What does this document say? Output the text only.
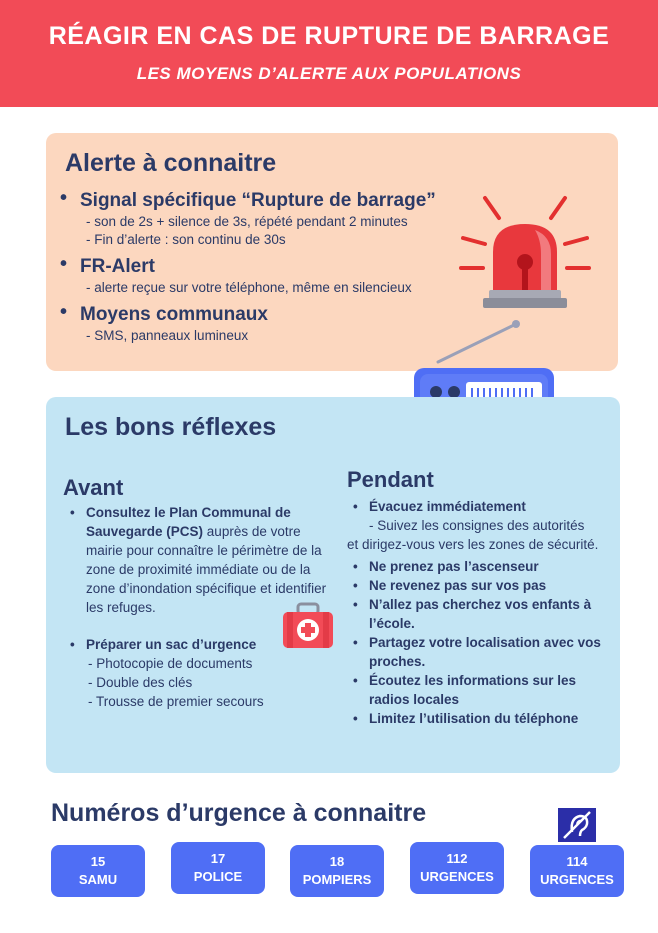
RÉAGIR EN CAS DE RUPTURE DE BARRAGE
LES MOYENS D’ALERTE AUX POPULATIONS
Alerte à connaitre
• Signal spécifique “Rupture de barrage”
- son de 2s + silence de 3s, répété pendant 2 minutes
- Fin d’alerte : son continu de 30s
• FR-Alert
- alerte reçue sur votre téléphone, même en silencieux
• Moyens communaux
- SMS, panneaux lumineux
Les bons réflexes
Avant
• Consultez le Plan Communal de Sauvegarde (PCS) auprès de votre mairie pour connaître le périmètre de la zone de proximité immédiate ou de la zone d’inondation spécifique et identifier les refuges.
• Préparer un sac d’urgence
- Photocopie de documents
- Double des clés
- Trousse de premier secours
Pendant
• Évacuez immédiatement
- Suivez les consignes des autorités
et dirigez-vous vers les zones de sécurité.
• Ne prenez pas l’ascenseur
• Ne revenez pas sur vos pas
• N’allez pas cherchez vos enfants à l’école.
• Partagez votre localisation avec vos proches.
• Écoutez les informations sur les radios locales
• Limitez l’utilisation du téléphone
Numéros d’urgence à connaitre
15
SAMU
17
POLICE
18
POMPIERS
112
URGENCES
114
URGENCES
